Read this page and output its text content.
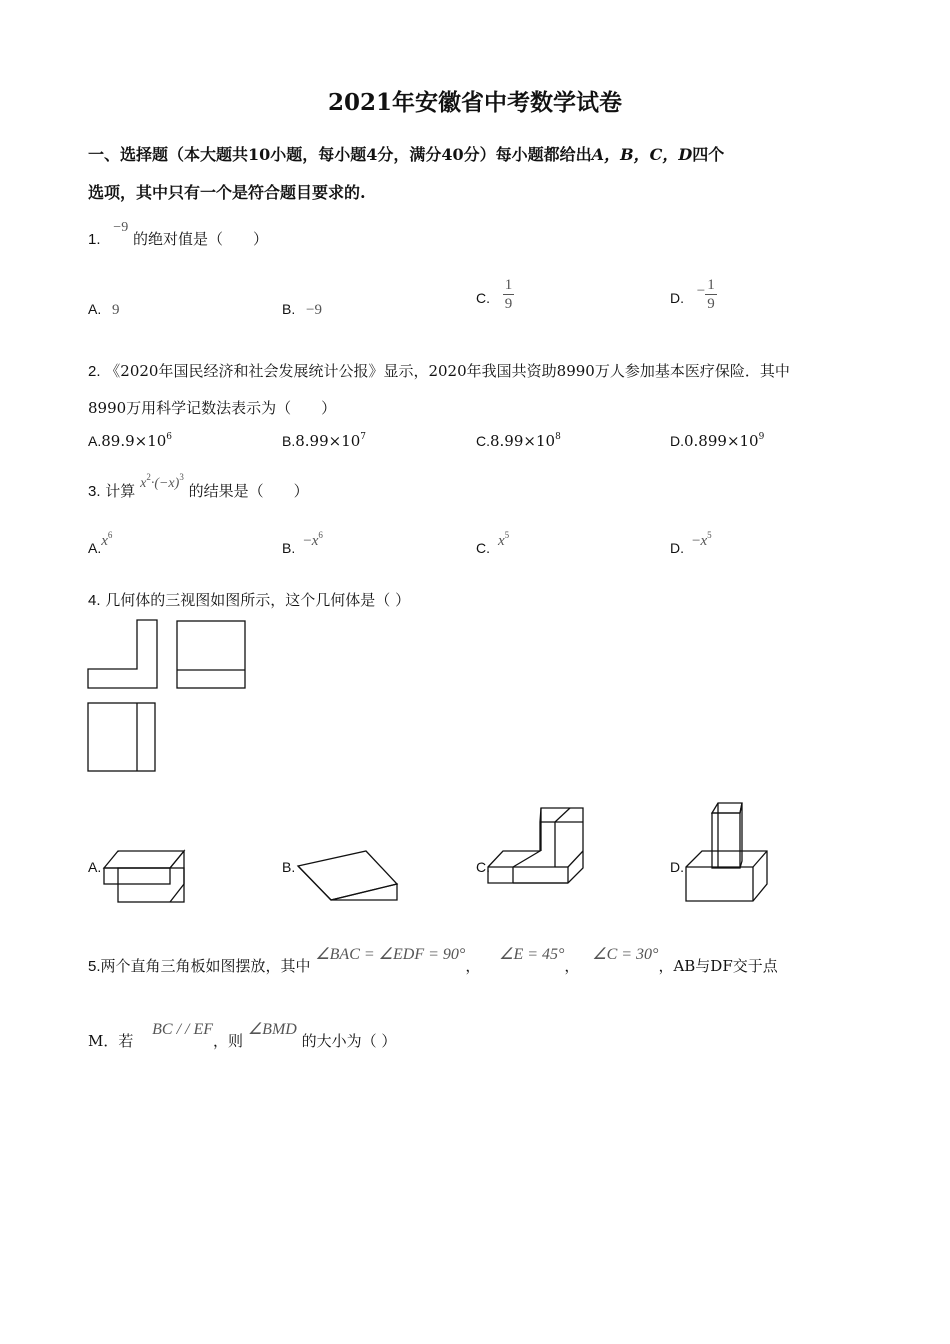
2021年安徽省中考数学试卷
一、选择题（本大题共10小题，每小题4分，满分40分）每小题都给出A，B，C，D四个
选项，其中只有一个是符合题目要求的.
1. −9 的绝对值是（　　）
A. 9	B. −9
C. $\frac{1}{9}$	D. − $\frac{1}{9}$
2. 《2020年国民经济和社会发展统计公报》显示，2020年我国共资助8990万人参加基本医疗保险．其中
8990万用科学记数法表示为（　　）
$A.89.9\times 10^6$	$B.8.99\times 10^7$	$C.8.99\times 10^8$	$D.0.899\times 10^9$
3. 计算 $x^2\cdot(-x)^3$ 的结果是（　　）
$A.x^6$
B. $-x^6$
C. $x^5$
D. $-x^5$
4. 几何体的三视图如图所示，这个几何体是（ ）
A.	B.	C.	D.
5.两个直角三角板如图摆放，其中 ∠BAC = ∠EDF = 90°， ∠E = 45°， ∠C = 30°，AB与DF交于点
M．若 BC / / EF，则 ∠BMD 的大小为（ ）
